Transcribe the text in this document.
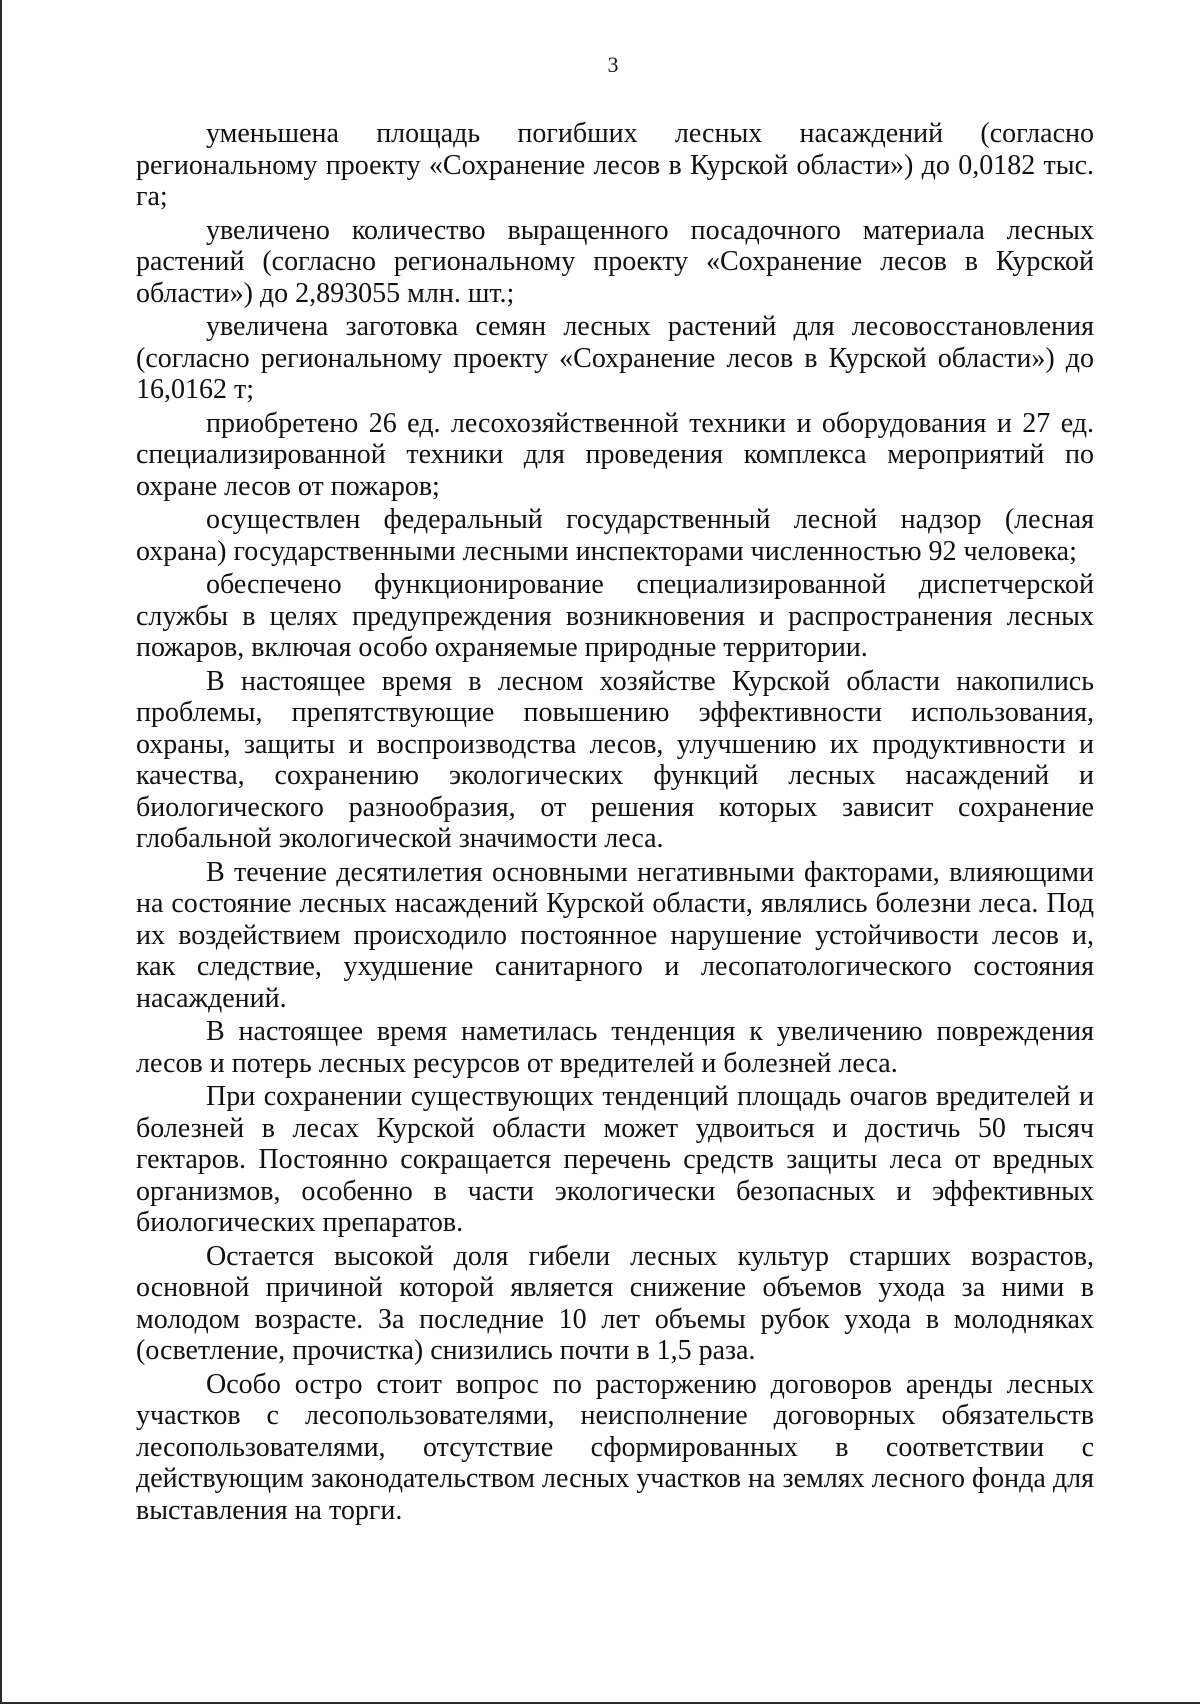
3

уменьшена площадь погибших лесных насаждений (согласно региональному проекту «Сохранение лесов в Курской области») до 0,0182 тыс. га;

увеличено количество выращенного посадочного материала лесных растений (согласно региональному проекту «Сохранение лесов в Курской области») до 2,893055 млн. шт.;

увеличена заготовка семян лесных растений для лесовосстановления (согласно региональному проекту «Сохранение лесов в Курской области») до 16,0162 т;

приобретено 26 ед. лесохозяйственной техники и оборудования и 27 ед. специализированной техники для проведения комплекса мероприятий по охране лесов от пожаров;

осуществлен федеральный государственный лесной надзор (лесная охрана) государственными лесными инспекторами численностью 92 человека;

обеспечено функционирование специализированной диспетчерской службы в целях предупреждения возникновения и распространения лесных пожаров, включая особо охраняемые природные территории.

В настоящее время в лесном хозяйстве Курской области накопились проблемы, препятствующие повышению эффективности использования, охраны, защиты и воспроизводства лесов, улучшению их продуктивности и качества, сохранению экологических функций лесных насаждений и биологического разнообразия, от решения которых зависит сохранение глобальной экологической значимости леса.

В течение десятилетия основными негативными факторами, влияющими на состояние лесных насаждений Курской области, являлись болезни леса. Под их воздействием происходило постоянное нарушение устойчивости лесов и, как следствие, ухудшение санитарного и лесопатологического состояния насаждений.

В настоящее время наметилась тенденция к увеличению повреждения лесов и потерь лесных ресурсов от вредителей и болезней леса.

При сохранении существующих тенденций площадь очагов вредителей и болезней в лесах Курской области может удвоиться и достичь 50 тысяч гектаров. Постоянно сокращается перечень средств защиты леса от вредных организмов, особенно в части экологически безопасных и эффективных биологических препаратов.

Остается высокой доля гибели лесных культур старших возрастов, основной причиной которой является снижение объемов ухода за ними в молодом возрасте. За последние 10 лет объемы рубок ухода в молодняках (осветление, прочистка) снизились почти в 1,5 раза.

Особо остро стоит вопрос по расторжению договоров аренды лесных участков с лесопользователями, неисполнение договорных обязательств лесопользователями, отсутствие сформированных в соответствии с действующим законодательством лесных участков на землях лесного фонда для выставления на торги.
